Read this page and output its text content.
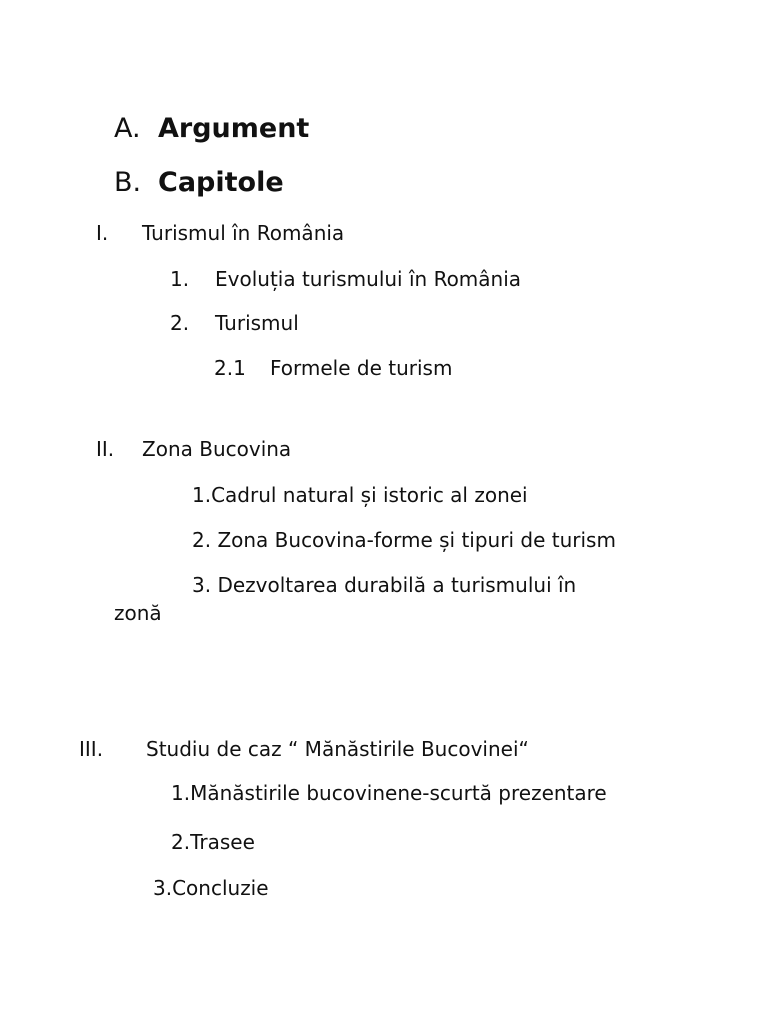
A. Argument
B. Capitole
I. Turismul în România
1. Evoluția turismului în România
2. Turismul
2.1 Formele de turism
II. Zona Bucovina
1.Cadrul natural și istoric al zonei
2. Zona Bucovina-forme și tipuri de turism
3. Dezvoltarea durabilă a turismului în
zonă
III. Studiu de caz “ Mănăstirile Bucovinei“
1.Mănăstirile bucovinene-scurtă prezentare
2.Trasee
3.Concluzie
